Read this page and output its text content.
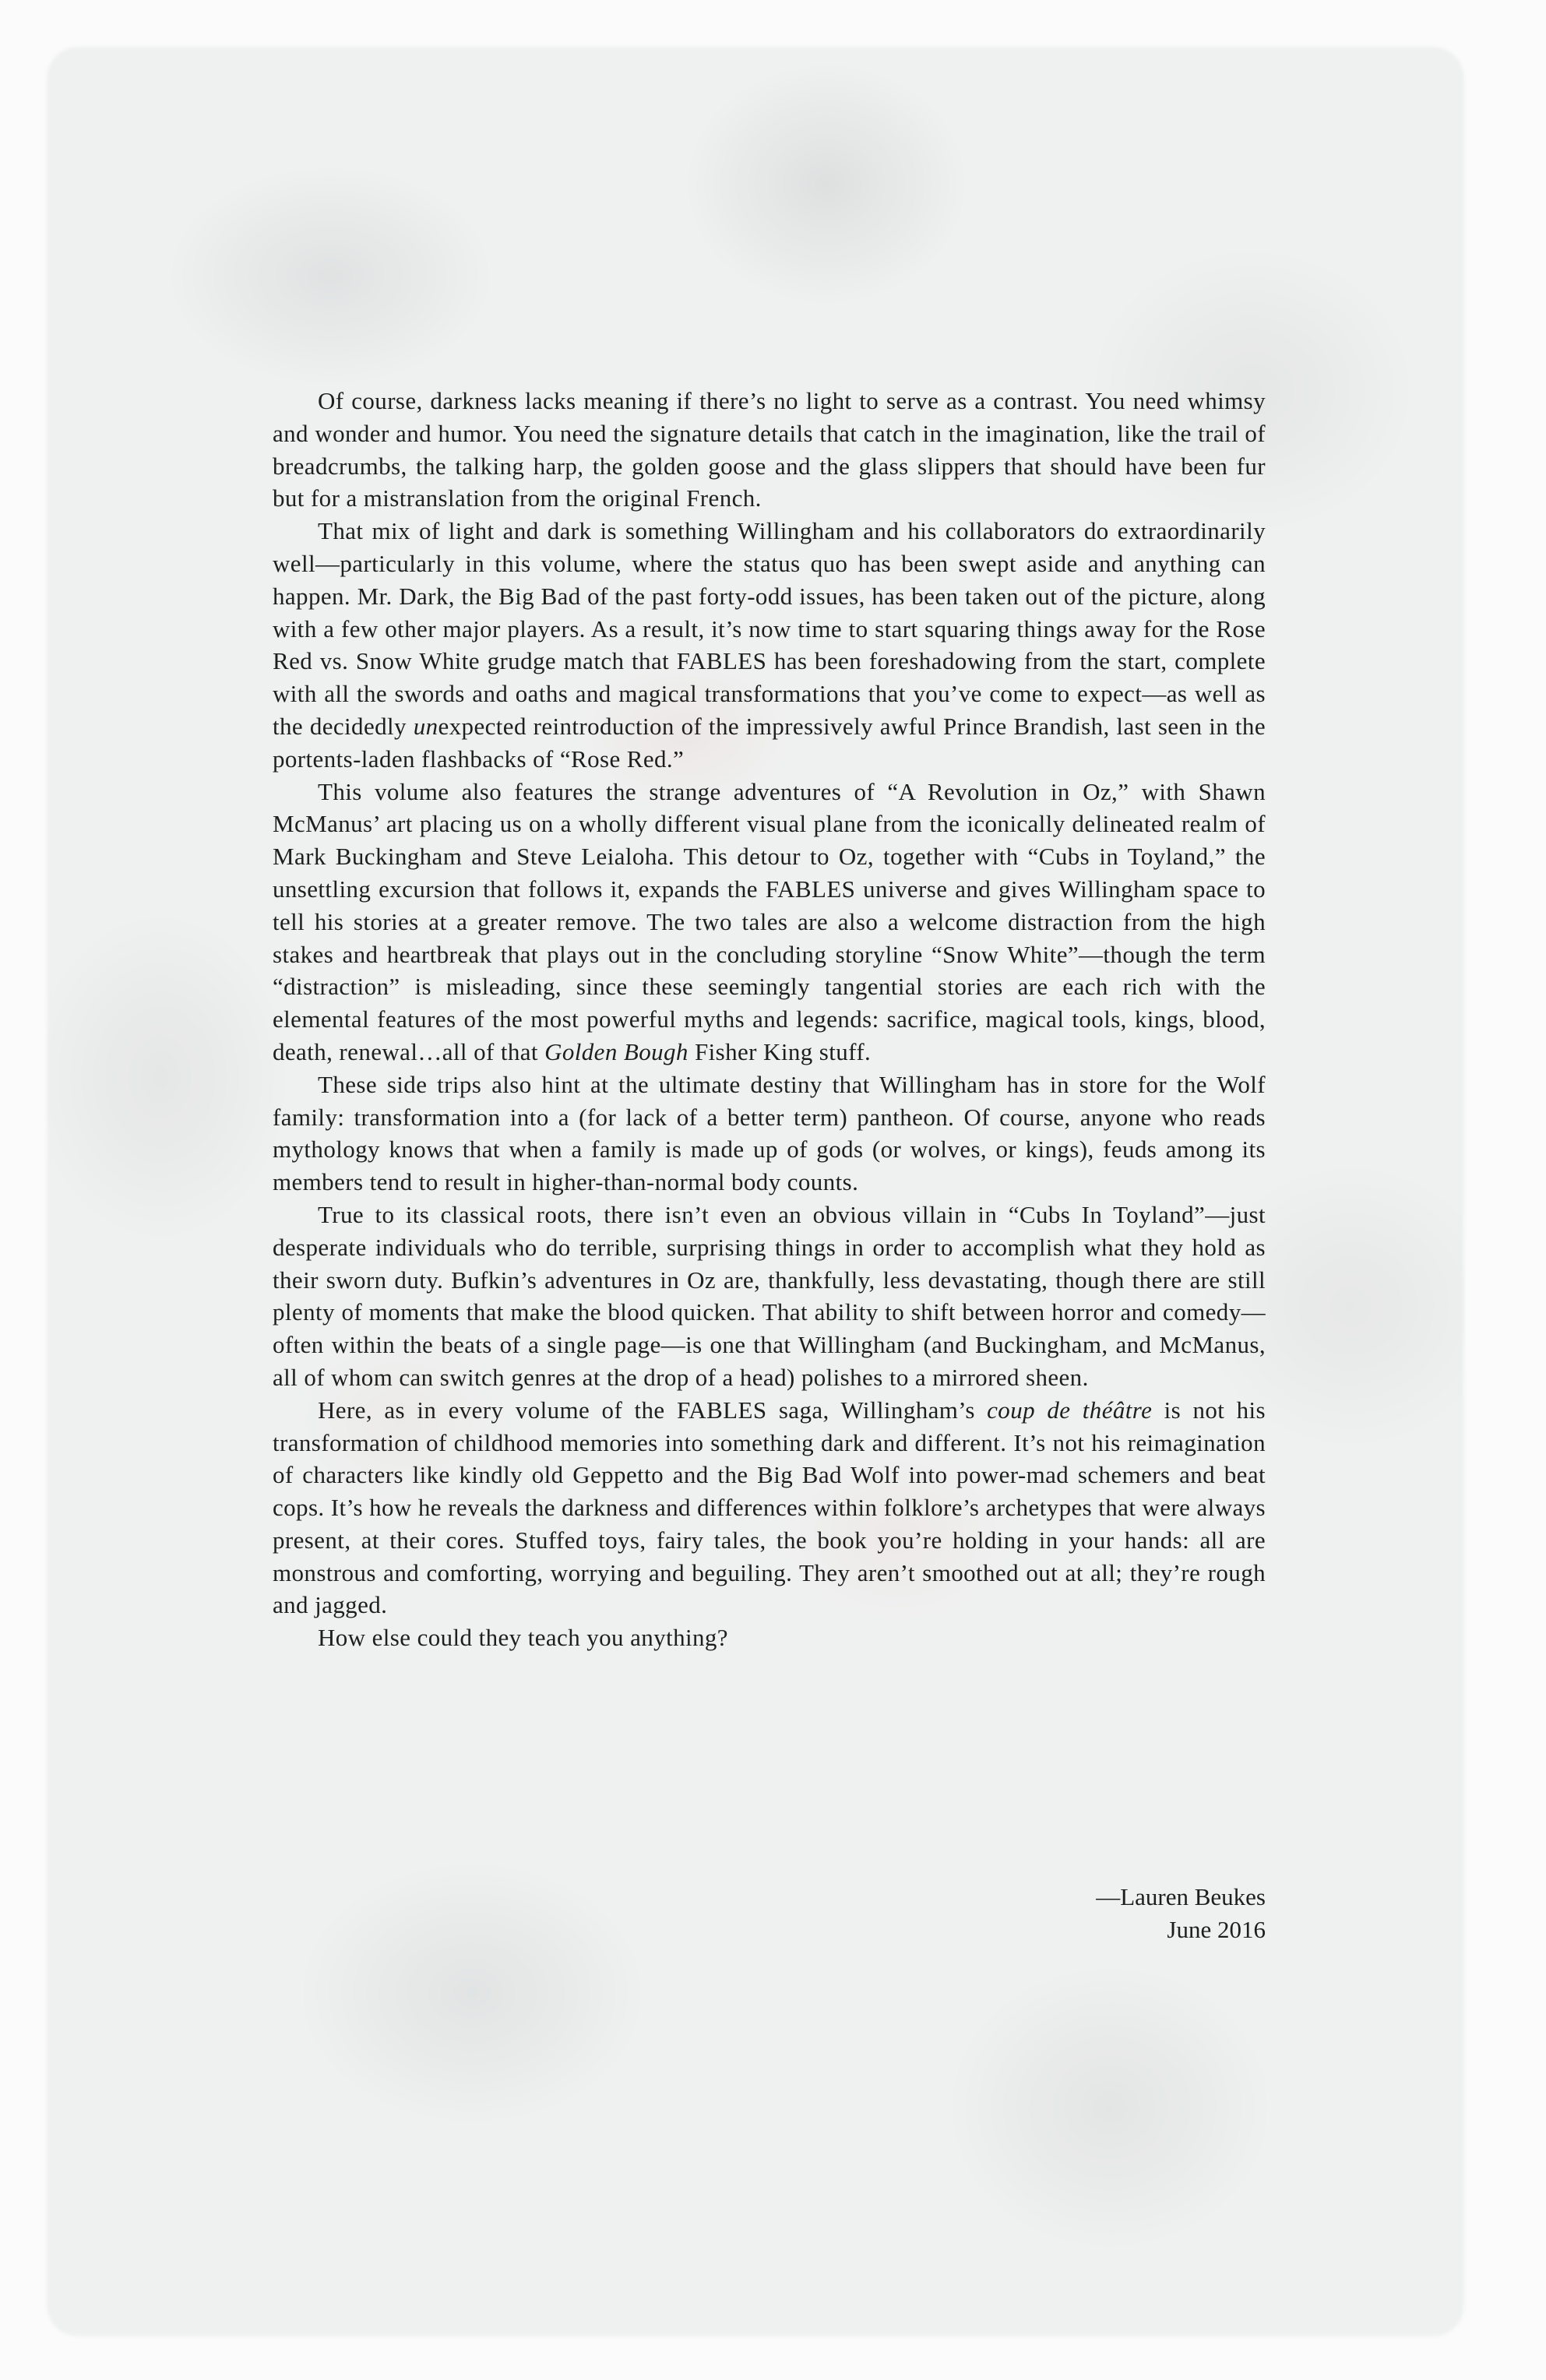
Of course, darkness lacks meaning if there’s no light to serve as a contrast. You need whimsy and wonder and humor. You need the signature details that catch in the imagination, like the trail of breadcrumbs, the talking harp, the golden goose and the glass slippers that should have been fur but for a mistranslation from the original French.

That mix of light and dark is something Willingham and his collaborators do extraordinarily well—particularly in this volume, where the status quo has been swept aside and anything can happen. Mr. Dark, the Big Bad of the past forty-odd issues, has been taken out of the picture, along with a few other major players. As a result, it’s now time to start squaring things away for the Rose Red vs. Snow White grudge match that FABLES has been foreshadowing from the start, complete with all the swords and oaths and magical transformations that you’ve come to expect—as well as the decidedly unexpected reintroduction of the impressively awful Prince Brandish, last seen in the portents-laden flashbacks of “Rose Red.”

This volume also features the strange adventures of “A Revolution in Oz,” with Shawn McManus’ art placing us on a wholly different visual plane from the iconically delineated realm of Mark Buckingham and Steve Leialoha. This detour to Oz, together with “Cubs in Toyland,” the unsettling excursion that follows it, expands the FABLES universe and gives Willingham space to tell his stories at a greater remove. The two tales are also a welcome distraction from the high stakes and heartbreak that plays out in the concluding storyline “Snow White”—though the term “distraction” is misleading, since these seemingly tangential stories are each rich with the elemental features of the most powerful myths and legends: sacrifice, magical tools, kings, blood, death, renewal…all of that Golden Bough Fisher King stuff.

These side trips also hint at the ultimate destiny that Willingham has in store for the Wolf family: transformation into a (for lack of a better term) pantheon. Of course, anyone who reads mythology knows that when a family is made up of gods (or wolves, or kings), feuds among its members tend to result in higher-than-normal body counts.

True to its classical roots, there isn’t even an obvious villain in “Cubs In Toyland”—just desperate individuals who do terrible, surprising things in order to accomplish what they hold as their sworn duty. Bufkin’s adventures in Oz are, thankfully, less devastating, though there are still plenty of moments that make the blood quicken. That ability to shift between horror and comedy—often within the beats of a single page—is one that Willingham (and Buckingham, and McManus, all of whom can switch genres at the drop of a head) polishes to a mirrored sheen.

Here, as in every volume of the FABLES saga, Willingham’s coup de théâtre is not his transformation of childhood memories into something dark and different. It’s not his reimagination of characters like kindly old Geppetto and the Big Bad Wolf into power-mad schemers and beat cops. It’s how he reveals the darkness and differences within folklore’s archetypes that were always present, at their cores. Stuffed toys, fairy tales, the book you’re holding in your hands: all are monstrous and comforting, worrying and beguiling. They aren’t smoothed out at all; they’re rough and jagged.

How else could they teach you anything?

—Lauren Beukes
June 2016
